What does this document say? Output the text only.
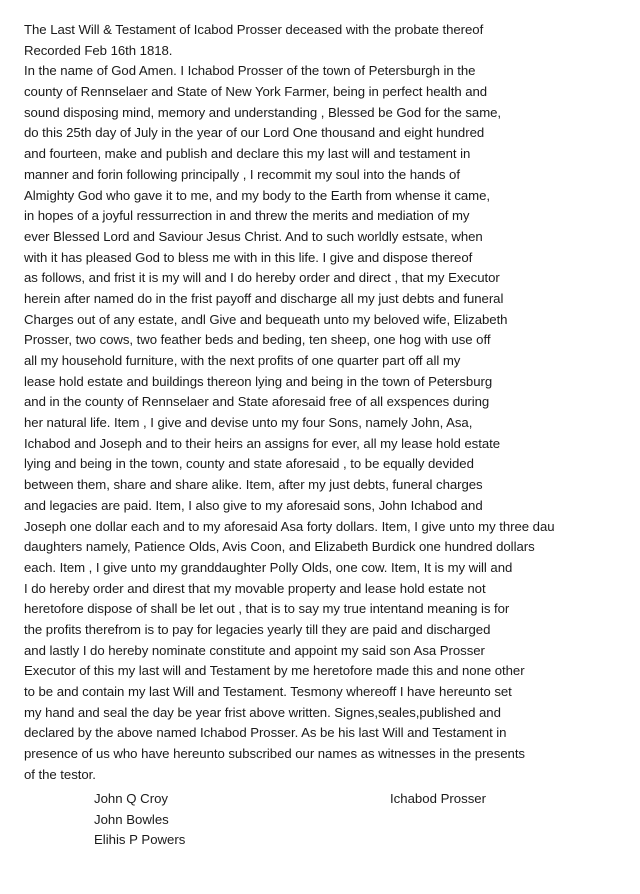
The Last Will & Testament of Icabod Prosser deceased with the probate thereof
Recorded Feb 16th 1818.
In the name of God Amen. I Ichabod Prosser of the town of Petersburgh in the
county of Rennselaer and State of New York Farmer, being in perfect health and
sound disposing mind, memory and understanding , Blessed be God for the same,
do this 25th day of July in the year of our Lord One thousand and eight hundred
and fourteen, make and publish and declare this my last will and testament in
manner and forin following principally , I recommit my soul into the hands of
Almighty God who gave it to me, and my body to the Earth from whense it came,
in hopes of a joyful ressurrection in and threw the merits and mediation of my
ever Blessed Lord and Saviour Jesus Christ. And to such worldly estsate, when
with it has pleased God to bless me with in this life. I give and dispose thereof
as follows, and frist it is my will and I do hereby order and direct , that my Executor
herein after named do in the frist payoff and discharge all my just debts and funeral
Charges out of any estate, andl Give and bequeath unto my beloved wife, Elizabeth
Prosser, two cows, two feather beds and beding, ten sheep, one hog with use off
all my household furniture, with the next profits of one quarter part off all my
lease hold estate and buildings thereon lying and being in the town of Petersburg
and in the county of Rennselaer and State aforesaid free of all exspences during
her natural life. Item , I give and devise unto my four Sons, namely John, Asa,
Ichabod and Joseph and to their heirs an assigns for ever, all my lease hold estate
lying and being in the town, county and state aforesaid , to be equally devided
between them, share and share alike. Item, after my just debts, funeral charges
and legacies are paid. Item, I also give to my aforesaid sons, John Ichabod and
Joseph one dollar each and to my aforesaid Asa forty dollars. Item, I give unto my three dau
daughters namely, Patience Olds, Avis Coon, and Elizabeth Burdick one hundred dollars
each. Item , I give unto my granddaughter Polly Olds, one cow. Item, It is my will and
I do hereby order and direst that my movable property and lease hold estate not
heretofore dispose of shall be let out , that is to say my true intentand meaning is for
the profits therefrom is to pay for legacies yearly till they are paid and discharged
and lastly I do hereby nominate constitute and appoint my said son Asa Prosser
Executor of this my last will and Testament by me heretofore made this and none other
to be and contain my last Will and Testament. Tesmony whereoff I have hereunto set
my hand and seal the day be year frist above written. Signes,seales,published and
declared by the above named Ichabod Prosser. As be his last Will and Testament in
presence of us who have hereunto subscribed our names as witnesses in the presents
of the testor.
John Q Croy
John Bowles
Elihis P Powers
Ichabod Prosser
